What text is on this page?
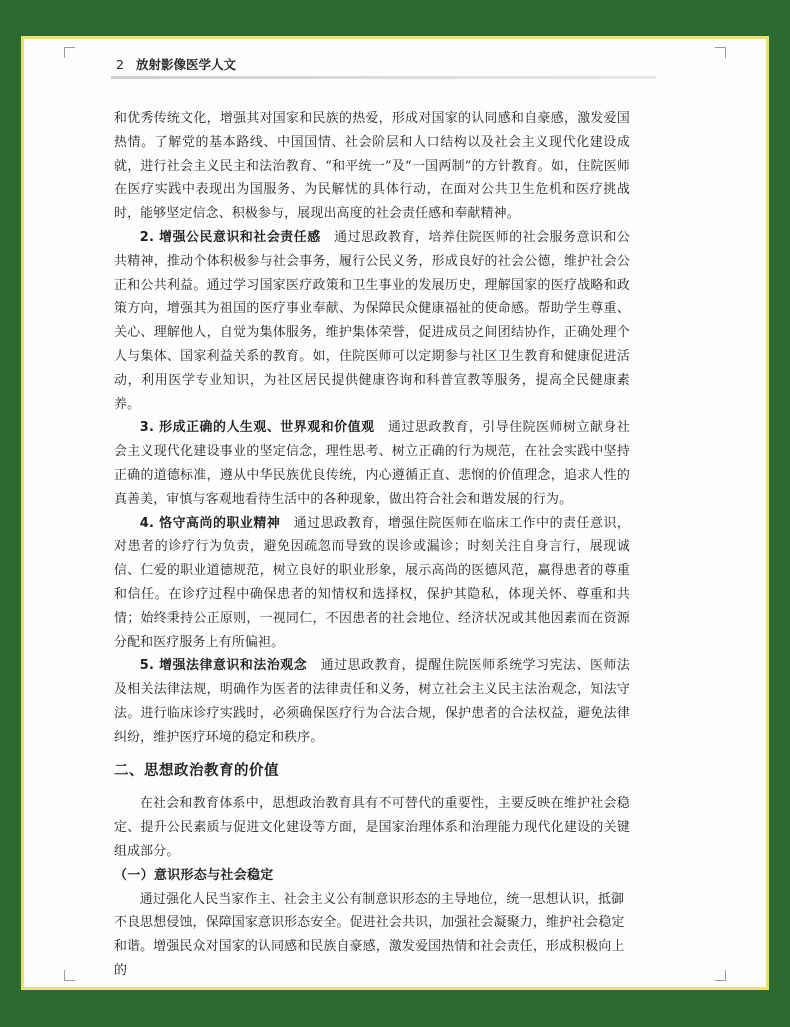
2 放射影像医学人文

和优秀传统文化，增强其对国家和民族的热爱，形成对国家的认同感和自豪感，激发爱国热情。了解党的基本路线、中国国情、社会阶层和人口结构以及社会主义现代化建设成就，进行社会主义民主和法治教育、“和平统一”及“一国两制”的方针教育。如，住院医师在医疗实践中表现出为国服务、为民解忧的具体行动，在面对公共卫生危机和医疗挑战时，能够坚定信念、积极参与，展现出高度的社会责任感和奉献精神。

2. 增强公民意识和社会责任感  通过思政教育，培养住院医师的社会服务意识和公共精神，推动个体积极参与社会事务，履行公民义务，形成良好的社会公德，维护社会公正和公共利益。通过学习国家医疗政策和卫生事业的发展历史，理解国家的医疗战略和政策方向，增强其为祖国的医疗事业奉献、为保障民众健康福祉的使命感。帮助学生尊重、关心、理解他人，自觉为集体服务，维护集体荣誉，促进成员之间团结协作，正确处理个人与集体、国家利益关系的教育。如，住院医师可以定期参与社区卫生教育和健康促进活动，利用医学专业知识，为社区居民提供健康咨询和科普宣教等服务，提高全民健康素养。

3. 形成正确的人生观、世界观和价值观  通过思政教育，引导住院医师树立献身社会主义现代化建设事业的坚定信念，理性思考、树立正确的行为规范，在社会实践中坚持正确的道德标准，遵从中华民族优良传统，内心遵循正直、悲悯的价值理念，追求人性的真善美，审慎与客观地看待生活中的各种现象，做出符合社会和谐发展的行为。

4. 恪守高尚的职业精神  通过思政教育，增强住院医师在临床工作中的责任意识，对患者的诊疗行为负责，避免因疏忽而导致的误诊或漏诊；时刻关注自身言行，展现诚信、仁爱的职业道德规范，树立良好的职业形象，展示高尚的医德风范，赢得患者的尊重和信任。在诊疗过程中确保患者的知情权和选择权，保护其隐私，体现关怀、尊重和共情；始终秉持公正原则，一视同仁，不因患者的社会地位、经济状况或其他因素而在资源分配和医疗服务上有所偏袒。

5. 增强法律意识和法治观念  通过思政教育，提醒住院医师系统学习宪法、医师法及相关法律法规，明确作为医者的法律责任和义务，树立社会主义民主法治观念，知法守法。进行临床诊疗实践时，必须确保医疗行为合法合规，保护患者的合法权益，避免法律纠纷，维护医疗环境的稳定和秩序。

二、思想政治教育的价值

在社会和教育体系中，思想政治教育具有不可替代的重要性，主要反映在维护社会稳定、提升公民素质与促进文化建设等方面，是国家治理体系和治理能力现代化建设的关键组成部分。

（一）意识形态与社会稳定

通过强化人民当家作主、社会主义公有制意识形态的主导地位，统一思想认识，抵御不良思想侵蚀，保障国家意识形态安全。促进社会共识，加强社会凝聚力，维护社会稳定和谐。增强民众对国家的认同感和民族自豪感，激发爱国热情和社会责任，形成积极向上的
